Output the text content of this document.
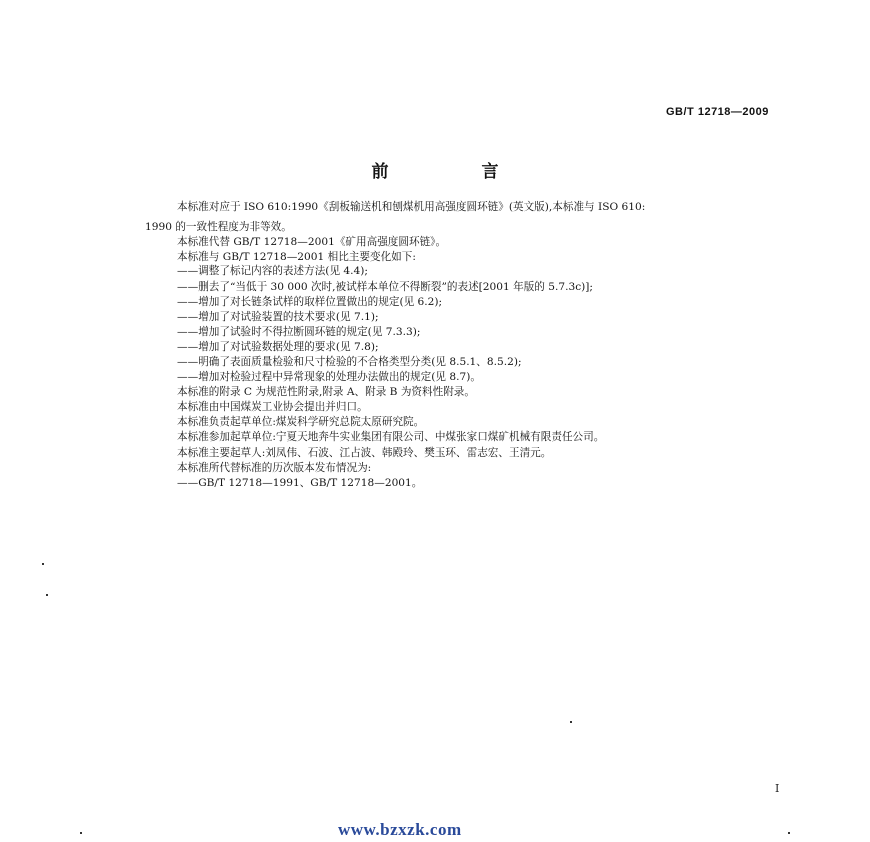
GB/T 12718—2009
前　言
本标准对应于 ISO 610:1990《刮板输送机和刨煤机用高强度圆环链》(英文版),本标准与 ISO 610:
1990 的一致性程度为非等效。
本标准代替 GB/T 12718—2001《矿用高强度圆环链》。
本标准与 GB/T 12718—2001 相比主要变化如下:
——调整了标记内容的表述方法(见 4.4);
——删去了“当低于 30 000 次时,被试样本单位不得断裂”的表述[2001 年版的 5.7.3c)];
——增加了对长链条试样的取样位置做出的规定(见 6.2);
——增加了对试验装置的技术要求(见 7.1);
——增加了试验时不得拉断圆环链的规定(见 7.3.3);
——增加了对试验数据处理的要求(见 7.8);
——明确了表面质量检验和尺寸检验的不合格类型分类(见 8.5.1、8.5.2);
——增加对检验过程中异常现象的处理办法做出的规定(见 8.7)。
本标准的附录 C 为规范性附录,附录 A、附录 B 为资料性附录。
本标准由中国煤炭工业协会提出并归口。
本标准负责起草单位:煤炭科学研究总院太原研究院。
本标准参加起草单位:宁夏天地奔牛实业集团有限公司、中煤张家口煤矿机械有限责任公司。
本标准主要起草人:刘凤伟、石波、江占波、韩殿玲、樊玉环、雷志宏、王清元。
本标准所代替标准的历次版本发布情况为:
——GB/T 12718—1991、GB/T 12718—2001。
I
www.bzxzk.com
